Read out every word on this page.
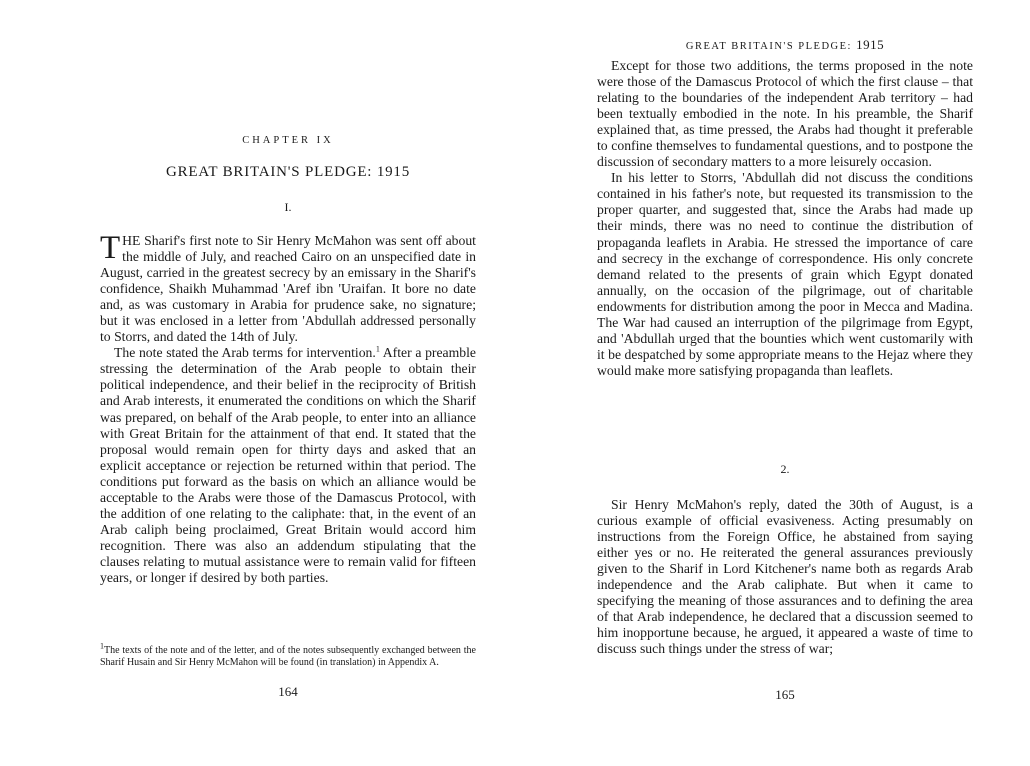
CHAPTER IX
GREAT BRITAIN'S PLEDGE: 1915
I.

THE Sharif's first note to Sir Henry McMahon was sent off about the middle of July, and reached Cairo on an unspecified date in August, carried in the greatest secrecy by an emissary in the Sharif's confidence, Shaikh Muhammad 'Aref ibn 'Uraifan. It bore no date and, as was customary in Arabia for prudence sake, no signature; but it was enclosed in a letter from 'Abdullah addressed personally to Storrs, and dated the 14th of July.

The note stated the Arab terms for intervention.$^1$ After a preamble stressing the determination of the Arab people to obtain their political independence, and their belief in the reciprocity of British and Arab interests, it enumerated the conditions on which the Sharif was prepared, on behalf of the Arab people, to enter into an alliance with Great Britain for the attainment of that end. It stated that the proposal would remain open for thirty days and asked that an explicit acceptance or rejection be returned within that period. The conditions put forward as the basis on which an alliance would be acceptable to the Arabs were those of the Damascus Protocol, with the addition of one relating to the caliphate: that, in the event of an Arab caliph being proclaimed, Great Britain would accord him recognition. There was also an addendum stipulating that the clauses relating to mutual assistance were to remain valid for fifteen years, or longer if desired by both parties.

$^1$The texts of the note and of the letter, and of the notes subsequently exchanged between the Sharif Husain and Sir Henry McMahon will be found (in translation) in Appendix A.
164
GREAT BRITAIN'S PLEDGE: 1915

Except for those two additions, the terms proposed in the note were those of the Damascus Protocol of which the first clause – that relating to the boundaries of the independent Arab territory – had been textually embodied in the note. In his preamble, the Sharif explained that, as time pressed, the Arabs had thought it preferable to confine themselves to fundamental questions, and to postpone the discussion of secondary matters to a more leisurely occasion.

In his letter to Storrs, 'Abdullah did not discuss the conditions contained in his father's note, but requested its transmission to the proper quarter, and suggested that, since the Arabs had made up their minds, there was no need to continue the distribution of propaganda leaflets in Arabia. He stressed the importance of care and secrecy in the exchange of correspondence. His only concrete demand related to the presents of grain which Egypt donated annually, on the occasion of the pilgrimage, out of charitable endowments for distribution among the poor in Mecca and Madina. The War had caused an interruption of the pilgrimage from Egypt, and 'Abdullah urged that the bounties which went customarily with it be despatched by some appropriate means to the Hejaz where they would make more satisfying propaganda than leaflets.

2.

Sir Henry McMahon's reply, dated the 30th of August, is a curious example of official evasiveness. Acting presumably on instructions from the Foreign Office, he abstained from saying either yes or no. He reiterated the general assurances previously given to the Sharif in Lord Kitchener's name both as regards Arab independence and the Arab caliphate. But when it came to specifying the meaning of those assurances and to defining the area of that Arab independence, he declared that a discussion seemed to him inopportune because, he argued, it appeared a waste of time to discuss such things under the stress of war;

165
